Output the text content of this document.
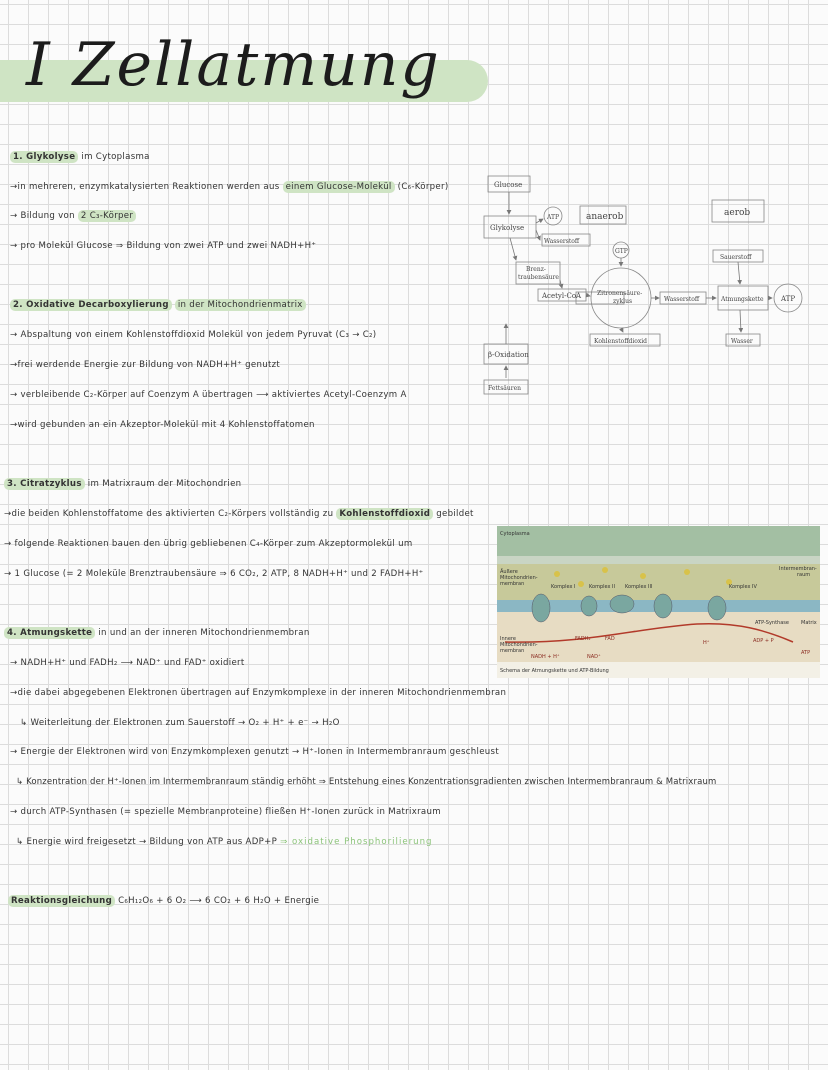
I Zellatmung
1. Glykolyse im Cytoplasma
→in mehreren, enzymkatalysierten Reaktionen werden aus einem Glucose-Molekül (C₆-Körper)
→ Bildung von 2 C₃-Körper
→ pro Molekül Glucose ⇒ Bildung von zwei ATP und zwei NADH+H⁺
2. Oxidative Decarboxylierung in der Mitochondrienmatrix
→ Abspaltung von einem Kohlenstoffdioxid Molekül von jedem Pyruvat (C₃ → C₂)
→frei werdende Energie zur Bildung von NADH+H⁺ genutzt
→ verbleibende C₂-Körper auf Coenzym A übertragen ⟶ aktiviertes Acetyl-Coenzym A
→wird gebunden an ein Akzeptor-Molekül mit 4 Kohlenstoffatomen
3. Citratzyklus im Matrixraum der Mitochondrien
→die beiden Kohlenstoffatome des aktivierten C₂-Körpers vollständig zu Kohlenstoffdioxid gebildet
→ folgende Reaktionen bauen den übrig gebliebenen C₄-Körper zum Akzeptormolekül um
→ 1 Glucose (= 2 Moleküle Brenztraubensäure ⇒ 6 CO₂, 2 ATP, 8 NADH+H⁺ und 2 FADH+H⁺
4. Atmungskette in und an der inneren Mitochondrienmembran
→ NADH+H⁺ und FADH₂ ⟶ NAD⁺ und FAD⁺ oxidiert
→die dabei abgegebenen Elektronen übertragen auf Enzymkomplexe in der inneren Mitochondrienmembran
↳ Weiterleitung der Elektronen zum Sauerstoff → O₂ + H⁺ + e⁻ → H₂O
→ Energie der Elektronen wird von Enzymkomplexen genutzt → H⁺-Ionen in Intermembranraum geschleust
↳ Konzentration der H⁺-Ionen im Intermembranraum ständig erhöht ⇒ Entstehung eines Konzentrationsgradienten zwischen Intermembranraum & Matrixraum
→ durch ATP-Synthasen (= spezielle Membranproteine) fließen H⁺-Ionen zurück in Matrixraum
↳ Energie wird freigesetzt → Bildung von ATP aus ADP+P ⇒ oxidative Phosphorilierung
Reaktionsgleichung C₆H₁₂O₆ + 6 O₂ ⟶ 6 CO₂ + 6 H₂O + Energie
Glucose
Glykolyse
ATP
Wasserstoff
anaerob	aerob
GTP
Brenz-
traubensäure
Sauerstoff
Acetyl-CoA	Zitronensäure-
zyklus	Wasserstoff	Atmungskette ATP
β-Oxidation
Kohlenstoffdioxid	Wasser
Fettsäuren
Cytoplasma
Äußere
Mitochondrien-
membran
Intermembran-
raum
Innere
Mitochondrien-
membran
Komplex I	Komplex II Komplex III	Komplex IV
ATP-Synthase Matrix
NADH + H⁺	NAD⁺
FADH₂	FAD	ADP + P
ATP
H⁺
Schema der Atmungskette und ATP-Bildung
